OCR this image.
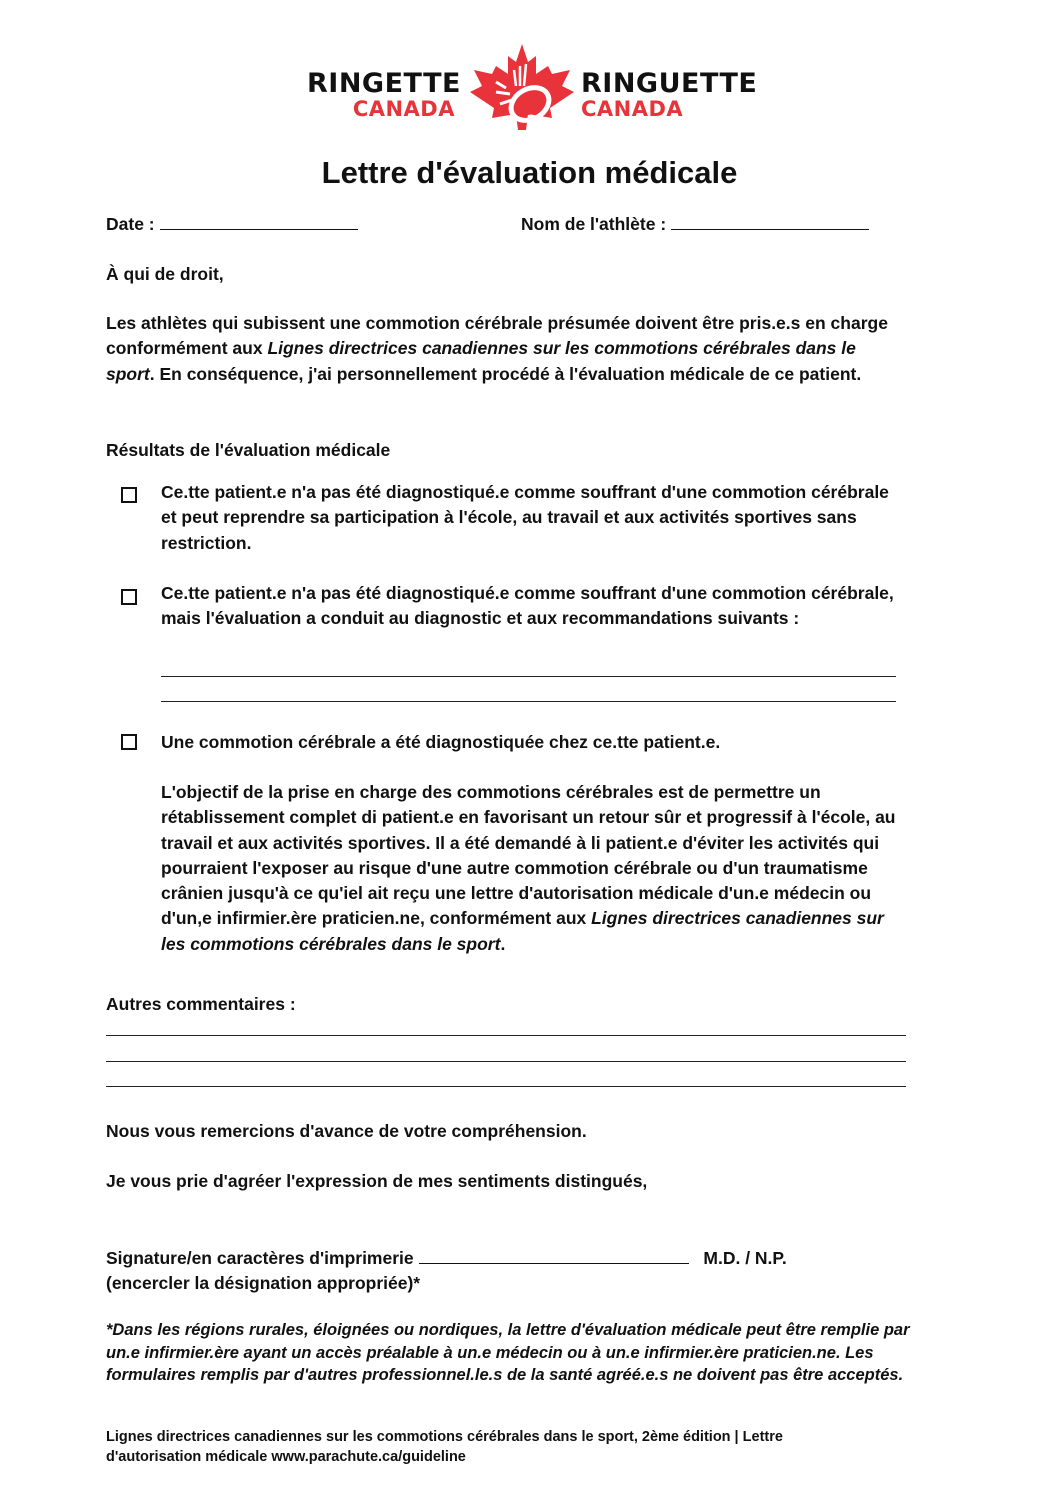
RINGETTE
CANADA
RINGUETTE
CANADA
Lettre d'évaluation médicale
Date :	Nom de l'athlète :
À qui de droit,
Les athlètes qui subissent une commotion cérébrale présumée doivent être pris.e.s en charge conformément aux Lignes directrices canadiennes sur les commotions cérébrales dans le sport. En conséquence, j'ai personnellement procédé à l'évaluation médicale de ce patient.
Résultats de l'évaluation médicale
Ce.tte patient.e n'a pas été diagnostiqué.e comme souffrant d'une commotion cérébrale et peut reprendre sa participation à l'école, au travail et aux activités sportives sans restriction.
Ce.tte patient.e n'a pas été diagnostiqué.e comme souffrant d'une commotion cérébrale, mais l'évaluation a conduit au diagnostic et aux recommandations suivants :
Une commotion cérébrale a été diagnostiquée chez ce.tte patient.e.
L'objectif de la prise en charge des commotions cérébrales est de permettre un rétablissement complet di patient.e en favorisant un retour sûr et progressif à l'école, au travail et aux activités sportives. Il a été demandé à li patient.e d'éviter les activités qui pourraient l'exposer au risque d'une autre commotion cérébrale ou d'un traumatisme crânien jusqu'à ce qu'iel ait reçu une lettre d'autorisation médicale d'un.e médecin ou d'un,e infirmier.ère praticien.ne, conformément aux Lignes directrices canadiennes sur les commotions cérébrales dans le sport.
Autres commentaires :
Nous vous remercions d'avance de votre compréhension.
Je vous prie d'agréer l'expression de mes sentiments distingués,
Signature/en caractères d'imprimerie	M.D. / N.P.
(encercler la désignation appropriée)*
*Dans les régions rurales, éloignées ou nordiques, la lettre d'évaluation médicale peut être remplie par un.e infirmier.ère ayant un accès préalable à un.e médecin ou à un.e infirmier.ère praticien.ne. Les formulaires remplis par d'autres professionnel.le.s de la santé agréé.e.s ne doivent pas être acceptés.
Lignes directrices canadiennes sur les commotions cérébrales dans le sport, 2ème édition | Lettre d'autorisation médicale www.parachute.ca/guideline
